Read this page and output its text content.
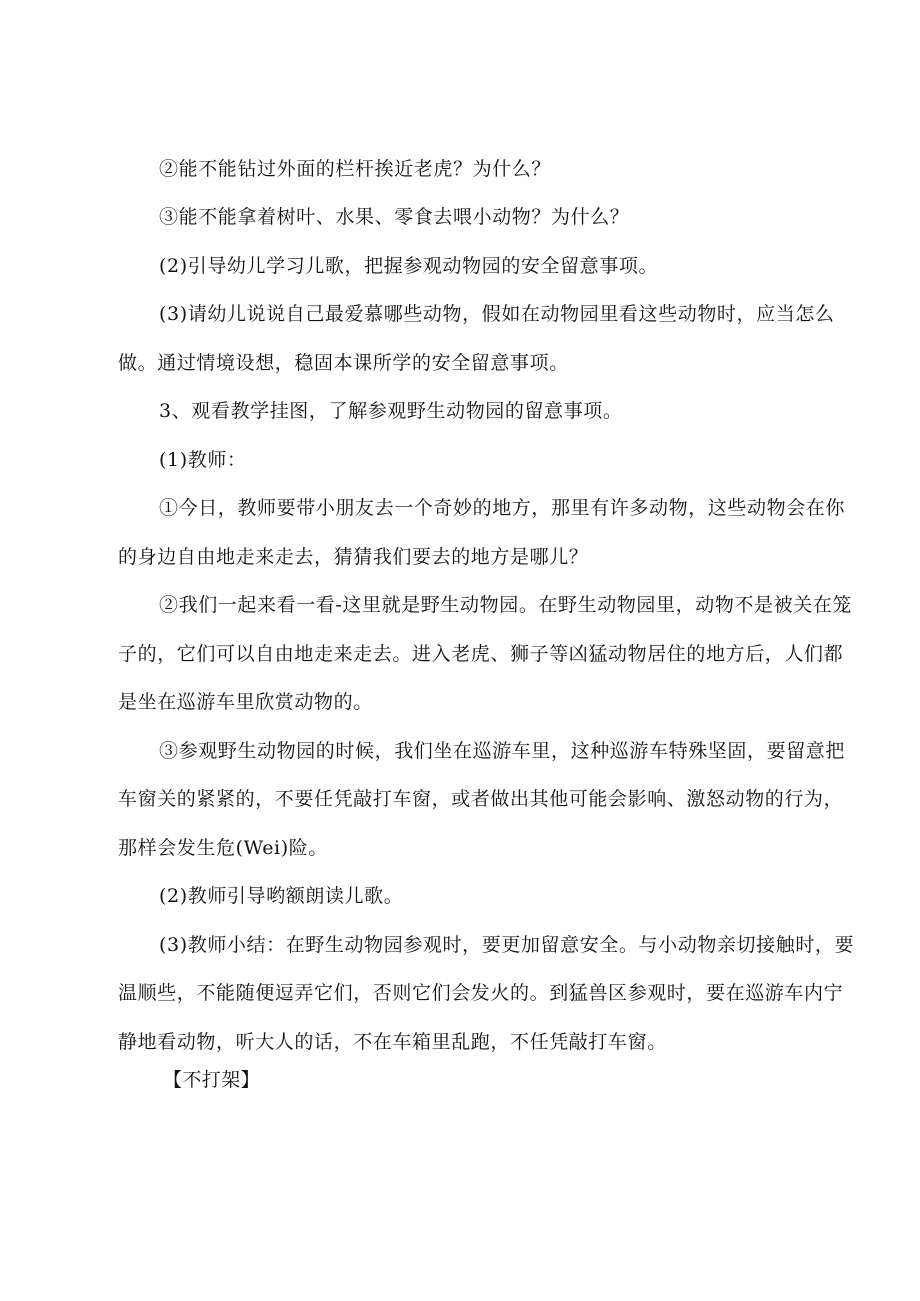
②能不能钻过外面的栏杆挨近老虎？为什么？
③能不能拿着树叶、水果、零食去喂小动物？为什么？
(2)引导幼儿学习儿歌，把握参观动物园的安全留意事项。
(3)请幼儿说说自己最爱慕哪些动物，假如在动物园里看这些动物时，应当怎么
做。通过情境设想，稳固本课所学的安全留意事项。
3、观看教学挂图，了解参观野生动物园的留意事项。
(1)教师：
①今日，教师要带小朋友去一个奇妙的地方，那里有许多动物，这些动物会在你
的身边自由地走来走去，猜猜我们要去的地方是哪儿？
②我们一起来看一看-这里就是野生动物园。在野生动物园里，动物不是被关在笼
子的，它们可以自由地走来走去。进入老虎、狮子等凶猛动物居住的地方后，人们都
是坐在巡游车里欣赏动物的。
③参观野生动物园的时候，我们坐在巡游车里，这种巡游车特殊坚固，要留意把
车窗关的紧紧的，不要任凭敲打车窗，或者做出其他可能会影响、激怒动物的行为，
那样会发生危(Wei)险。
(2)教师引导哟额朗读儿歌。
(3)教师小结：在野生动物园参观时，要更加留意安全。与小动物亲切接触时，要
温顺些，不能随便逗弄它们，否则它们会发火的。到猛兽区参观时，要在巡游车内宁
静地看动物，听大人的话，不在车箱里乱跑，不任凭敲打车窗。
【不打架】
